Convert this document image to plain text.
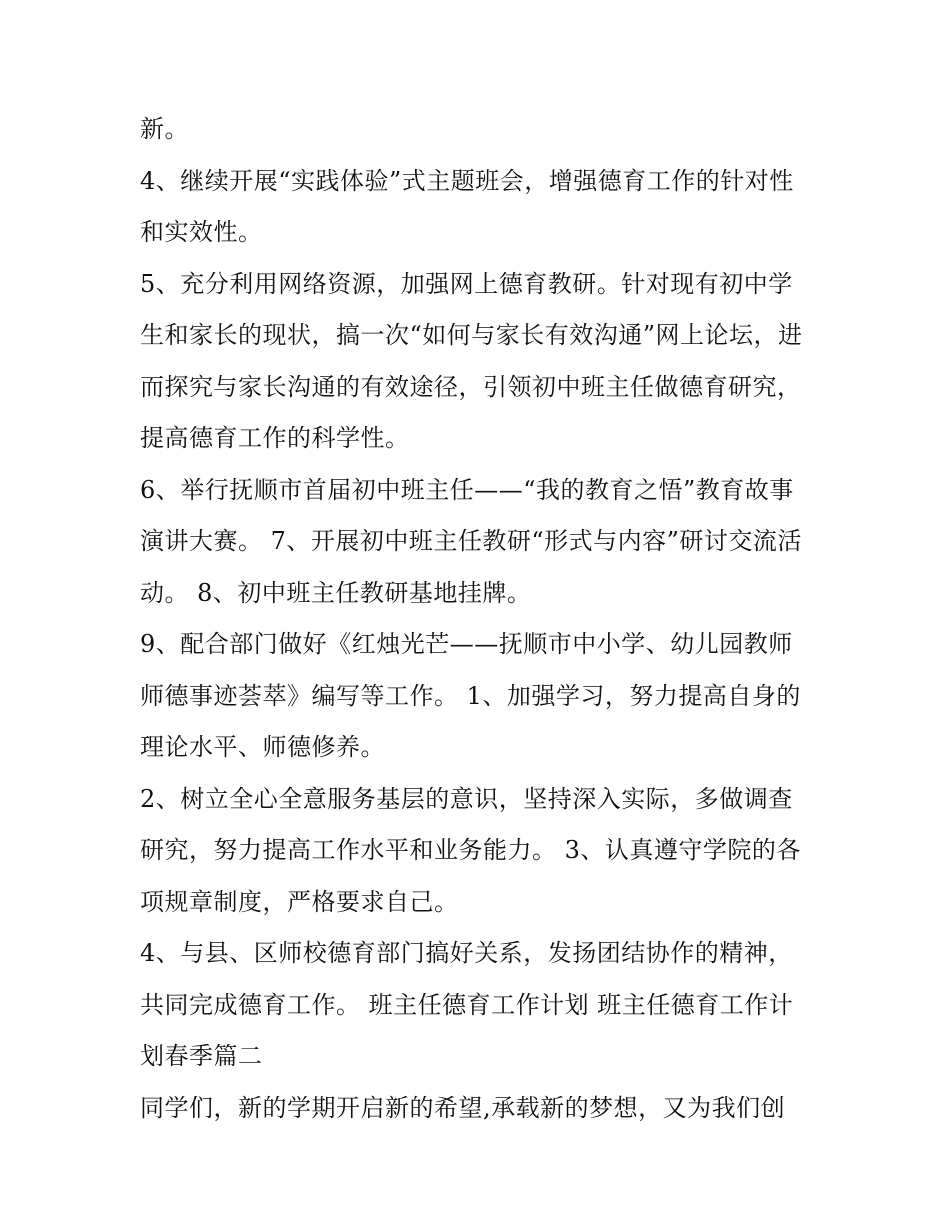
新。
4、继续开展“实践体验”式主题班会，增强德育工作的针对性
和实效性。
5、充分利用网络资源，加强网上德育教研。针对现有初中学
生和家长的现状，搞一次“如何与家长有效沟通”网上论坛，进
而探究与家长沟通的有效途径，引领初中班主任做德育研究，
提高德育工作的科学性。
6、举行抚顺市首届初中班主任——“我的教育之悟”教育故事
演讲大赛。 7、开展初中班主任教研“形式与内容”研讨交流活
动。 8、初中班主任教研基地挂牌。
9、配合部门做好《红烛光芒——抚顺市中小学、幼儿园教师
师德事迹荟萃》编写等工作。 1、加强学习，努力提高自身的
理论水平、师德修养。
2、树立全心全意服务基层的意识，坚持深入实际，多做调查
研究，努力提高工作水平和业务能力。 3、认真遵守学院的各
项规章制度，严格要求自己。
4、与县、区师校德育部门搞好关系，发扬团结协作的精神，
共同完成德育工作。 班主任德育工作计划 班主任德育工作计
划春季篇二
同学们，新的学期开启新的希望,承载新的梦想，又为我们创
